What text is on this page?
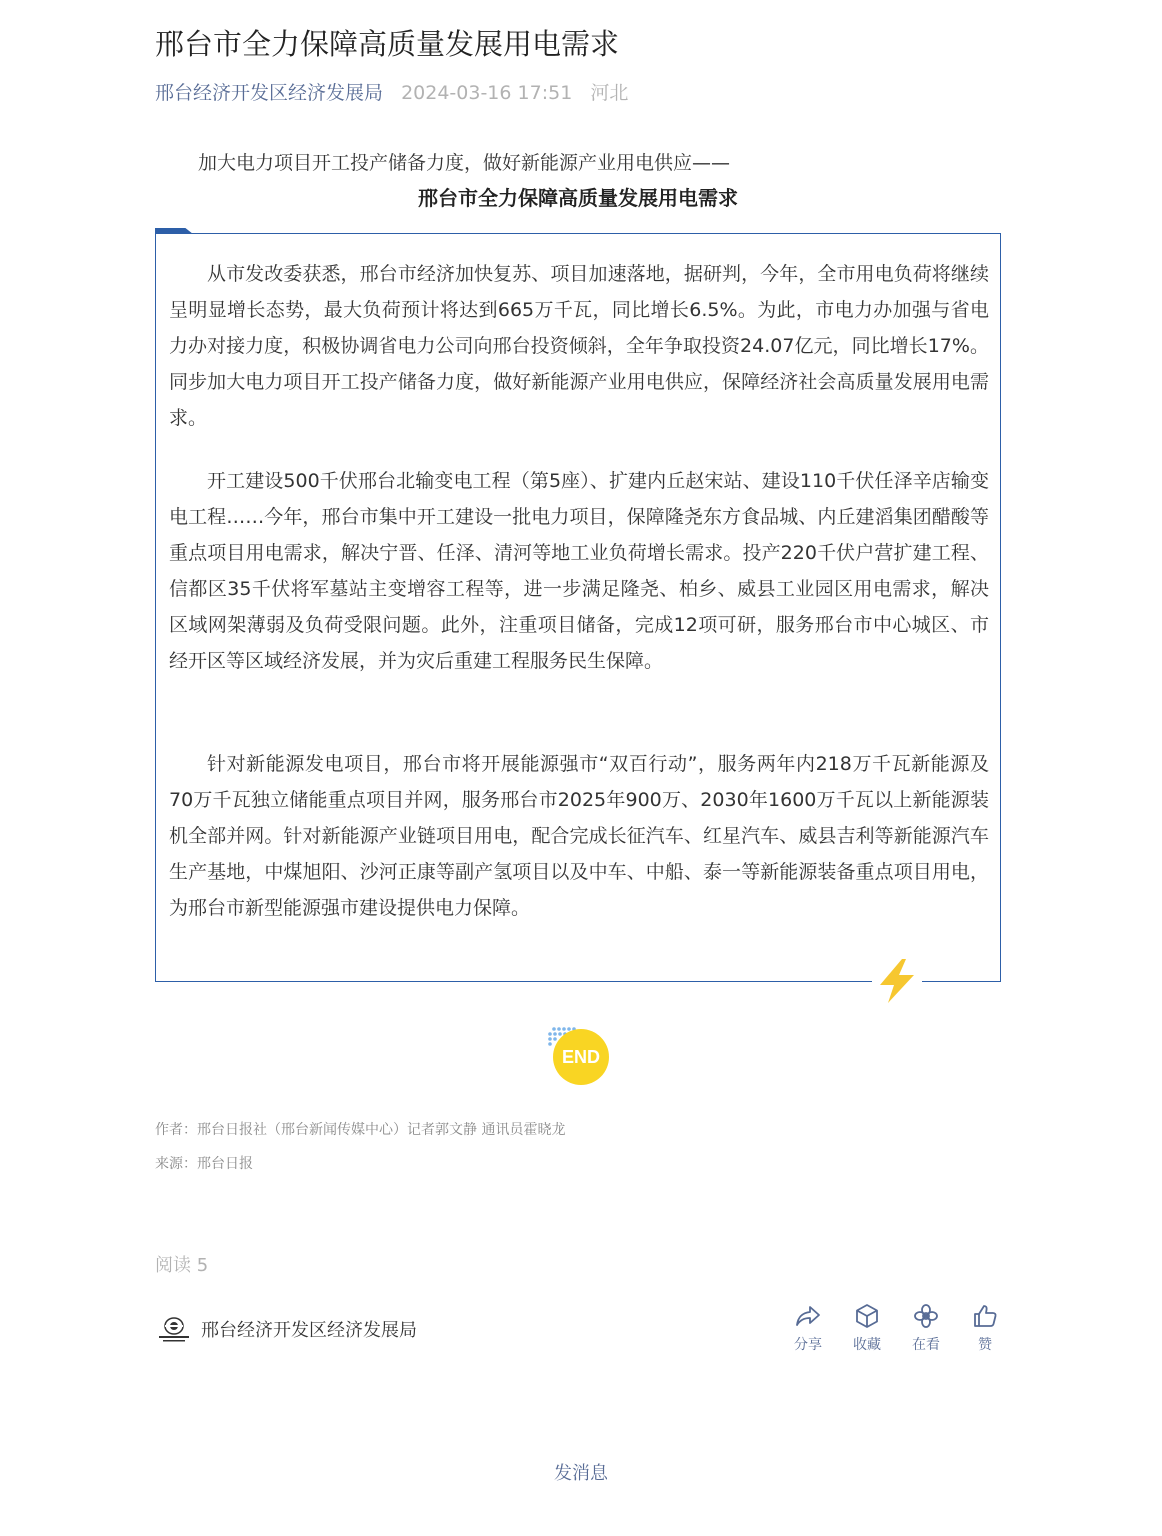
邢台市全力保障高质量发展用电需求
邢台经济开发区经济发展局 2024-03-16 17:51 河北
加大电力项目开工投产储备力度，做好新能源产业用电供应——
邢台市全力保障高质量发展用电需求

从市发改委获悉，邢台市经济加快复苏、项目加速落地，据研判，今年，全市用电负荷将继续呈明显增长态势，最大负荷预计将达到665万千瓦，同比增长6.5%。为此，市电力办加强与省电力办对接力度，积极协调省电力公司向邢台投资倾斜，全年争取投资24.07亿元，同比增长17%。同步加大电力项目开工投产储备力度，做好新能源产业用电供应，保障经济社会高质量发展用电需求。

开工建设500千伏邢台北输变电工程（第5座）、扩建内丘赵宋站、建设110千伏任泽辛店输变电工程……今年，邢台市集中开工建设一批电力项目，保障隆尧东方食品城、内丘建滔集团醋酸等重点项目用电需求，解决宁晋、任泽、清河等地工业负荷增长需求。投产220千伏户营扩建工程、信都区35千伏将军墓站主变增容工程等，进一步满足隆尧、柏乡、威县工业园区用电需求，解决区域网架薄弱及负荷受限问题。此外，注重项目储备，完成12项可研，服务邢台市中心城区、市经开区等区域经济发展，并为灾后重建工程服务民生保障。

针对新能源发电项目，邢台市将开展能源强市“双百行动”，服务两年内218万千瓦新能源及70万千瓦独立储能重点项目并网，服务邢台市2025年900万、2030年1600万千瓦以上新能源装机全部并网。针对新能源产业链项目用电，配合完成长征汽车、红星汽车、威县吉利等新能源汽车生产基地，中煤旭阳、沙河正康等副产氢项目以及中车、中船、泰一等新能源装备重点项目用电，为邢台市新型能源强市建设提供电力保障。

END
作者：邢台日报社（邢台新闻传媒中心）记者郭文静 通讯员霍晓龙
来源：邢台日报
阅读 5
邢台经济开发区经济发展局
分享	收藏	在看	赞
发消息
